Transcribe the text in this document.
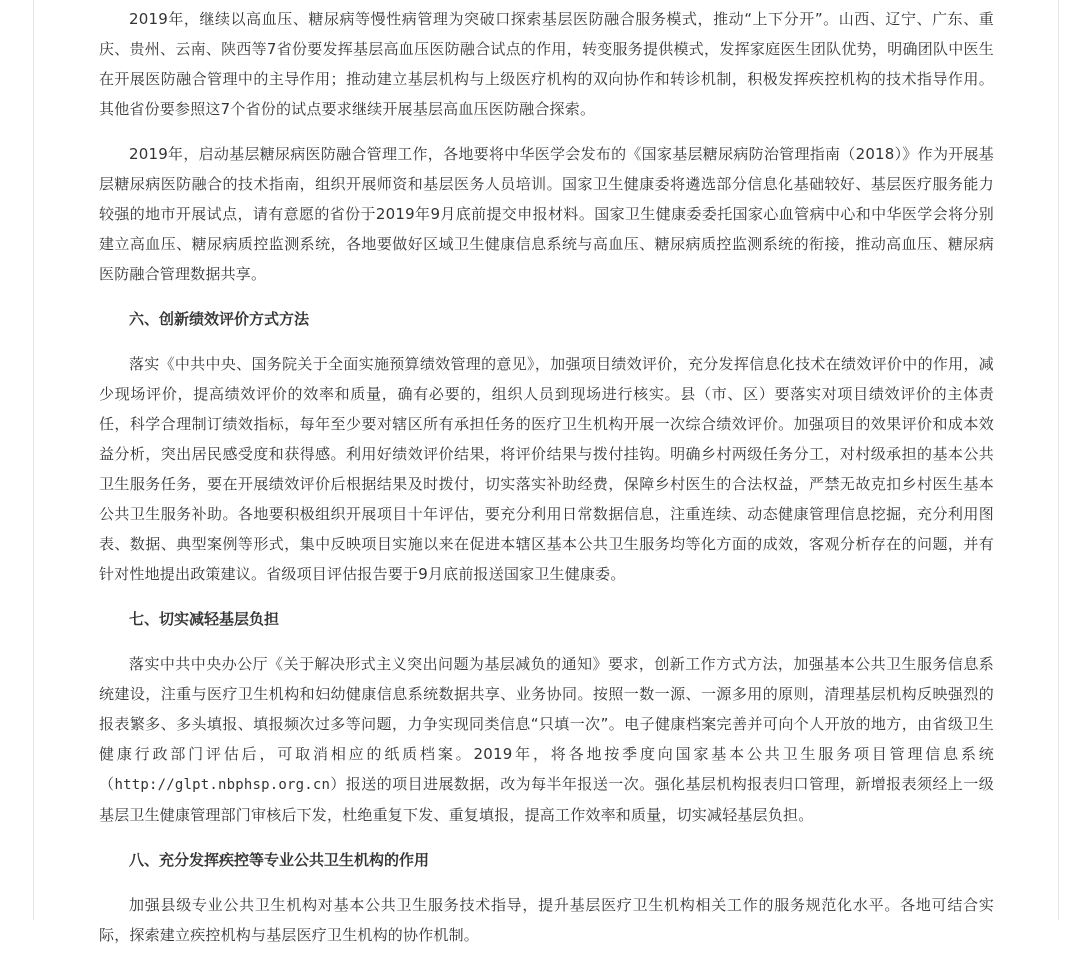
2019年，继续以高血压、糖尿病等慢性病管理为突破口探索基层医防融合服务模式，推动“上下分开”。山西、辽宁、广东、重庆、贵州、云南、陕西等7省份要发挥基层高血压医防融合试点的作用，转变服务提供模式，发挥家庭医生团队优势，明确团队中医生在开展医防融合管理中的主导作用；推动建立基层机构与上级医疗机构的双向协作和转诊机制，积极发挥疾控机构的技术指导作用。其他省份要参照这7个省份的试点要求继续开展基层高血压医防融合探索。

2019年，启动基层糖尿病医防融合管理工作，各地要将中华医学会发布的《国家基层糖尿病防治管理指南（2018）》作为开展基层糖尿病医防融合的技术指南，组织开展师资和基层医务人员培训。国家卫生健康委将遴选部分信息化基础较好、基层医疗服务能力较强的地市开展试点，请有意愿的省份于2019年9月底前提交申报材料。国家卫生健康委委托国家心血管病中心和中华医学会将分别建立高血压、糖尿病质控监测系统，各地要做好区域卫生健康信息系统与高血压、糖尿病质控监测系统的衔接，推动高血压、糖尿病医防融合管理数据共享。

六、创新绩效评价方式方法

落实《中共中央、国务院关于全面实施预算绩效管理的意见》，加强项目绩效评价，充分发挥信息化技术在绩效评价中的作用，减少现场评价，提高绩效评价的效率和质量，确有必要的，组织人员到现场进行核实。县（市、区）要落实对项目绩效评价的主体责任，科学合理制订绩效指标，每年至少要对辖区所有承担任务的医疗卫生机构开展一次综合绩效评价。加强项目的效果评价和成本效益分析，突出居民感受度和获得感。利用好绩效评价结果，将评价结果与拨付挂钩。明确乡村两级任务分工，对村级承担的基本公共卫生服务任务，要在开展绩效评价后根据结果及时拨付，切实落实补助经费，保障乡村医生的合法权益，严禁无故克扣乡村医生基本公共卫生服务补助。各地要积极组织开展项目十年评估，要充分利用日常数据信息，注重连续、动态健康管理信息挖掘，充分利用图表、数据、典型案例等形式，集中反映项目实施以来在促进本辖区基本公共卫生服务均等化方面的成效，客观分析存在的问题，并有针对性地提出政策建议。省级项目评估报告要于9月底前报送国家卫生健康委。

七、切实减轻基层负担

落实中共中央办公厅《关于解决形式主义突出问题为基层减负的通知》要求，创新工作方式方法，加强基本公共卫生服务信息系统建设，注重与医疗卫生机构和妇幼健康信息系统数据共享、业务协同。按照一数一源、一源多用的原则，清理基层机构反映强烈的报表繁多、多头填报、填报频次过多等问题，力争实现同类信息“只填一次”。电子健康档案完善并可向个人开放的地方，由省级卫生健康行政部门评估后，可取消相应的纸质档案。2019年，将各地按季度向国家基本公共卫生服务项目管理信息系统（http://glpt.nbphsp.org.cn）报送的项目进展数据，改为每半年报送一次。强化基层机构报表归口管理，新增报表须经上一级基层卫生健康管理部门审核后下发，杜绝重复下发、重复填报，提高工作效率和质量，切实减轻基层负担。

八、充分发挥疾控等专业公共卫生机构的作用

加强县级专业公共卫生机构对基本公共卫生服务技术指导，提升基层医疗卫生机构相关工作的服务规范化水平。各地可结合实际，探索建立疾控机构与基层医疗卫生机构的协作机制。
